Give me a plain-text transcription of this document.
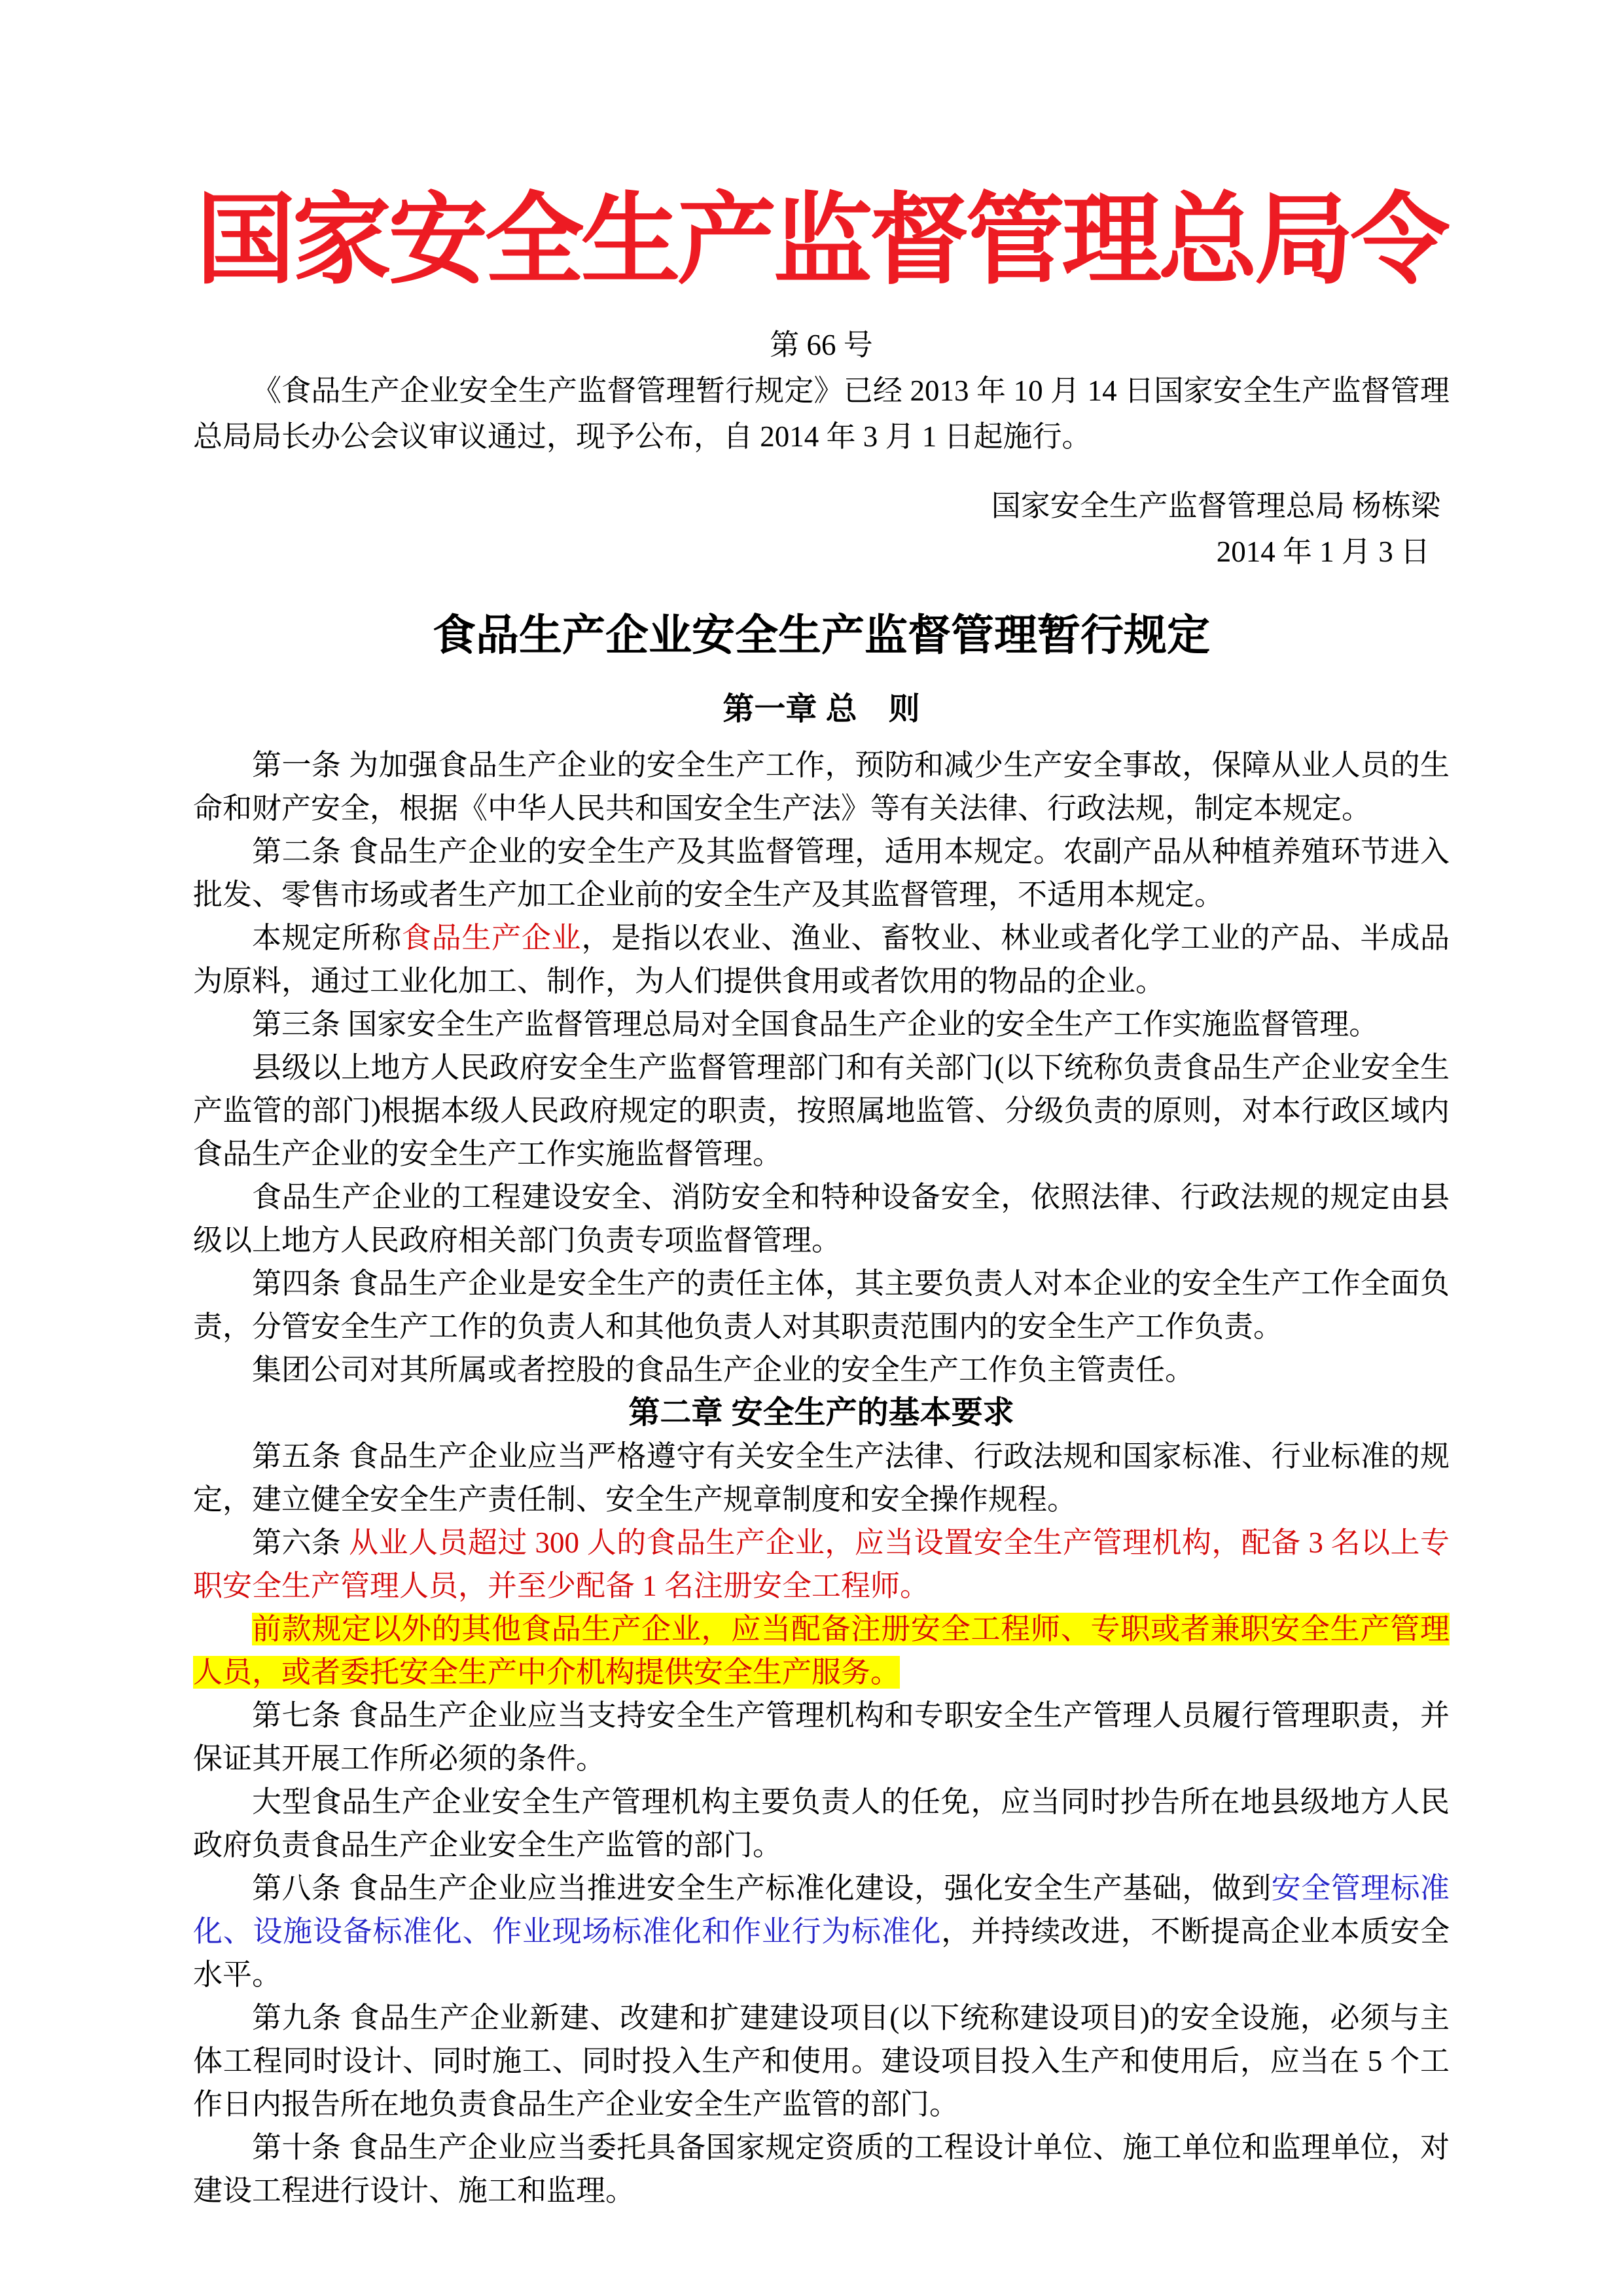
国家安全生产监督管理总局令
第 66 号

《食品生产企业安全生产监督管理暂行规定》已经 2013 年 10 月 14 日国家安全生产监督管理总局局长办公会议审议通过，现予公布，自 2014 年 3 月 1 日起施行。

国家安全生产监督管理总局 杨栋梁
2014 年 1 月 3 日
食品生产企业安全生产监督管理暂行规定
第一章 总　则

第一条 为加强食品生产企业的安全生产工作，预防和减少生产安全事故，保障从业人员的生命和财产安全，根据《中华人民共和国安全生产法》等有关法律、行政法规，制定本规定。

第二条 食品生产企业的安全生产及其监督管理，适用本规定。农副产品从种植养殖环节进入批发、零售市场或者生产加工企业前的安全生产及其监督管理，不适用本规定。

本规定所称食品生产企业，是指以农业、渔业、畜牧业、林业或者化学工业的产品、半成品为原料，通过工业化加工、制作，为人们提供食用或者饮用的物品的企业。

第三条 国家安全生产监督管理总局对全国食品生产企业的安全生产工作实施监督管理。

县级以上地方人民政府安全生产监督管理部门和有关部门(以下统称负责食品生产企业安全生产监管的部门)根据本级人民政府规定的职责，按照属地监管、分级负责的原则，对本行政区域内食品生产企业的安全生产工作实施监督管理。

食品生产企业的工程建设安全、消防安全和特种设备安全，依照法律、行政法规的规定由县级以上地方人民政府相关部门负责专项监督管理。

第四条 食品生产企业是安全生产的责任主体，其主要负责人对本企业的安全生产工作全面负责，分管安全生产工作的负责人和其他负责人对其职责范围内的安全生产工作负责。

集团公司对其所属或者控股的食品生产企业的安全生产工作负主管责任。

第二章 安全生产的基本要求

第五条 食品生产企业应当严格遵守有关安全生产法律、行政法规和国家标准、行业标准的规定，建立健全安全生产责任制、安全生产规章制度和安全操作规程。

第六条 从业人员超过 300 人的食品生产企业，应当设置安全生产管理机构，配备 3 名以上专职安全生产管理人员，并至少配备 1 名注册安全工程师。

前款规定以外的其他食品生产企业，应当配备注册安全工程师、专职或者兼职安全生产管理人员，或者委托安全生产中介机构提供安全生产服务。

第七条 食品生产企业应当支持安全生产管理机构和专职安全生产管理人员履行管理职责，并保证其开展工作所必须的条件。

大型食品生产企业安全生产管理机构主要负责人的任免，应当同时抄告所在地县级地方人民政府负责食品生产企业安全生产监管的部门。

第八条 食品生产企业应当推进安全生产标准化建设，强化安全生产基础，做到安全管理标准化、设施设备标准化、作业现场标准化和作业行为标准化，并持续改进，不断提高企业本质安全水平。

第九条 食品生产企业新建、改建和扩建建设项目(以下统称建设项目)的安全设施，必须与主体工程同时设计、同时施工、同时投入生产和使用。建设项目投入生产和使用后，应当在 5 个工作日内报告所在地负责食品生产企业安全生产监管的部门。

第十条 食品生产企业应当委托具备国家规定资质的工程设计单位、施工单位和监理单位，对建设工程进行设计、施工和监理。
